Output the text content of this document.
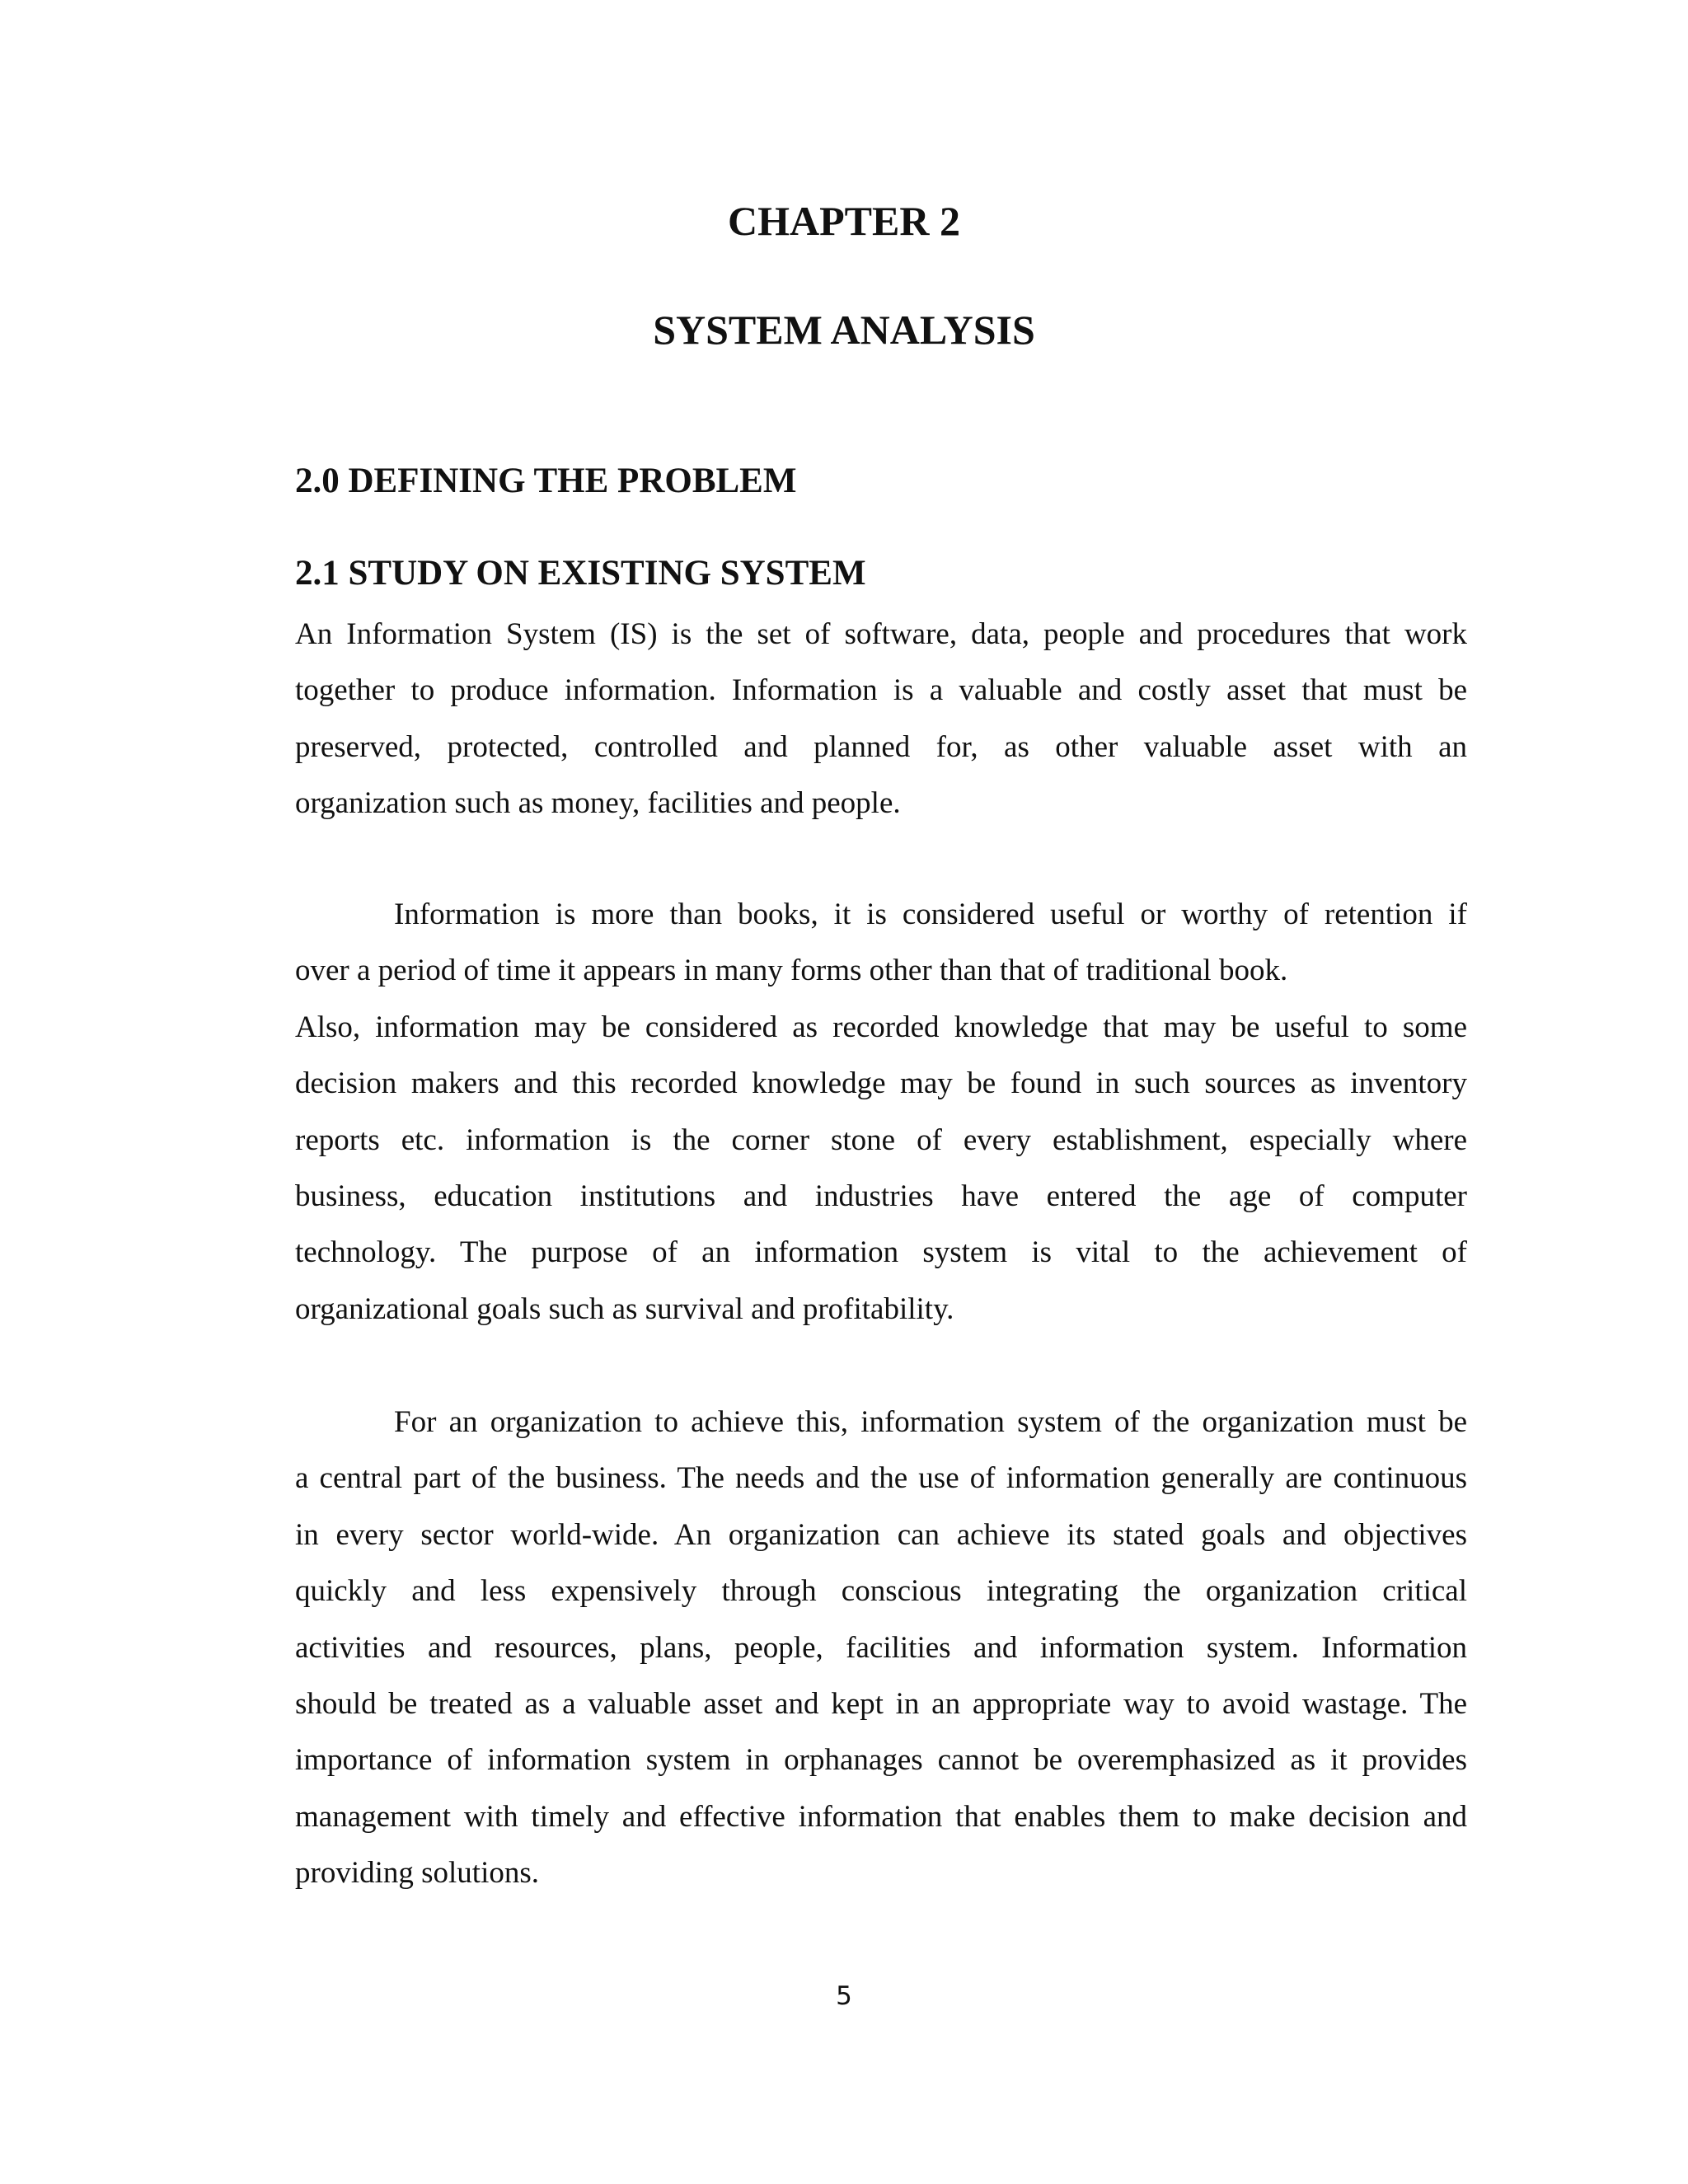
CHAPTER 2
SYSTEM ANALYSIS
2.0 DEFINING THE PROBLEM
2.1 STUDY ON EXISTING SYSTEM
An Information System (IS) is the set of software, data, people and procedures that work
together to produce information. Information is a valuable and costly asset that must be
preserved, protected, controlled and planned for, as other valuable asset with an
organization such as money, facilities and people.
Information is more than books, it is considered useful or worthy of retention if
over a period of time it appears in many forms other than that of traditional book.
Also, information may be considered as recorded knowledge that may be useful to some
decision makers and this recorded knowledge may be found in such sources as inventory
reports etc. information is the corner stone of every establishment, especially where
business, education institutions and industries have entered the age of computer
technology. The purpose of an information system is vital to the achievement of
organizational goals such as survival and profitability.
For an organization to achieve this, information system of the organization must be
a central part of the business. The needs and the use of information generally are continuous
in every sector world-wide. An organization can achieve its stated goals and objectives
quickly and less expensively through conscious integrating the organization critical
activities and resources, plans, people, facilities and information system. Information
should be treated as a valuable asset and kept in an appropriate way to avoid wastage. The
importance of information system in orphanages cannot be overemphasized as it provides
management with timely and effective information that enables them to make decision and
providing solutions.

5
